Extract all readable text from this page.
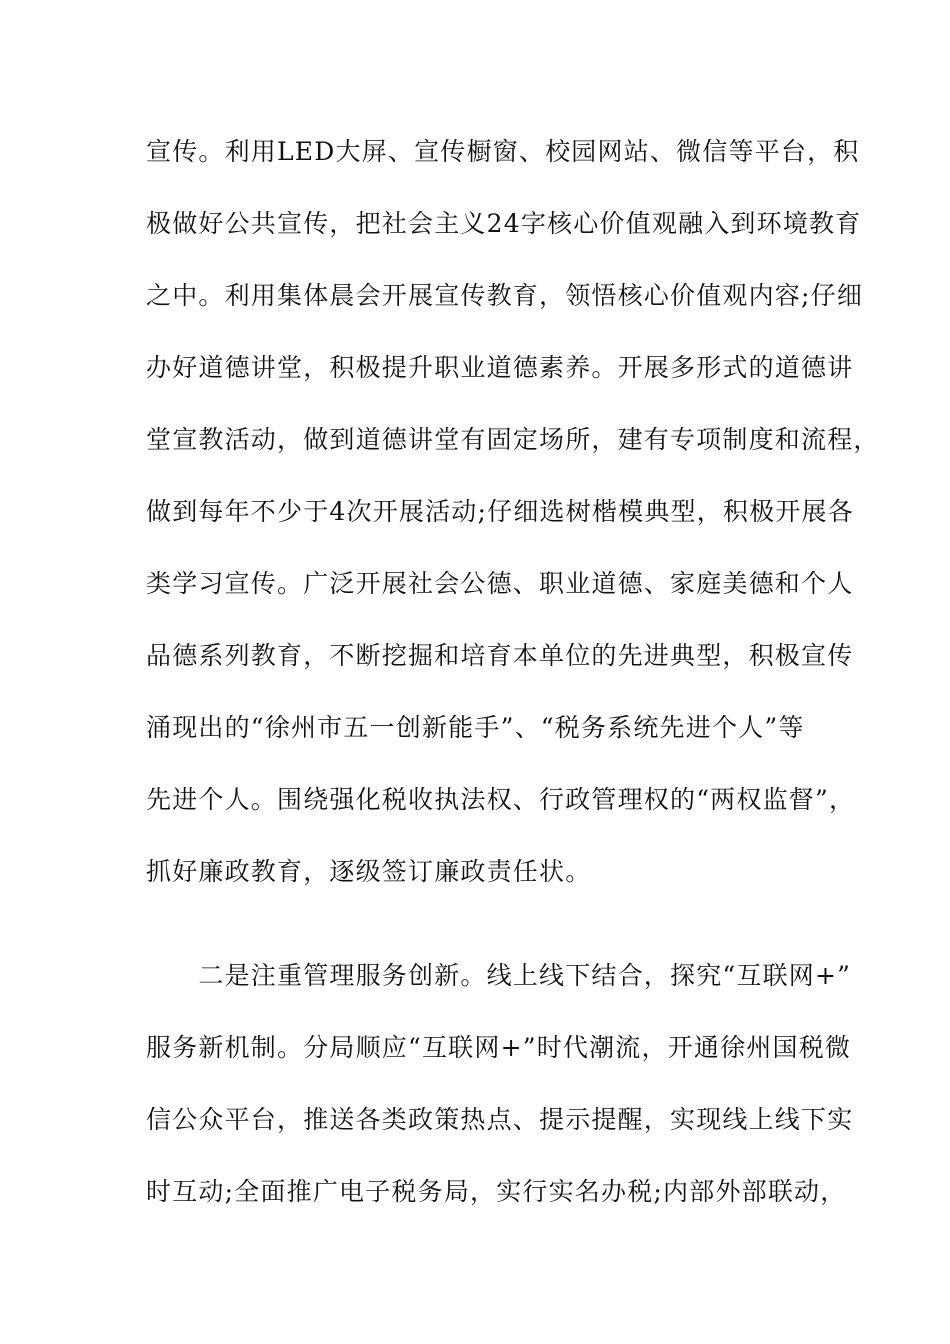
宣传。利用LED大屏、宣传橱窗、校园网站、微信等平台，积
极做好公共宣传，把社会主义24字核心价值观融入到环境教育
之中。利用集体晨会开展宣传教育，领悟核心价值观内容;仔细
办好道德讲堂，积极提升职业道德素养。开展多形式的道德讲
堂宣教活动，做到道德讲堂有固定场所，建有专项制度和流程，
做到每年不少于4次开展活动;仔细选树楷模典型，积极开展各
类学习宣传。广泛开展社会公德、职业道德、家庭美德和个人
品德系列教育，不断挖掘和培育本单位的先进典型，积极宣传
涌现出的“徐州市五一创新能手”、“税务系统先进个人”等
先进个人。围绕强化税收执法权、行政管理权的“两权监督”，
抓好廉政教育，逐级签订廉政责任状。
　　二是注重管理服务创新。线上线下结合，探究“互联网+”
服务新机制。分局顺应“互联网+”时代潮流，开通徐州国税微
信公众平台，推送各类政策热点、提示提醒，实现线上线下实
时互动;全面推广电子税务局，实行实名办税;内部外部联动，
